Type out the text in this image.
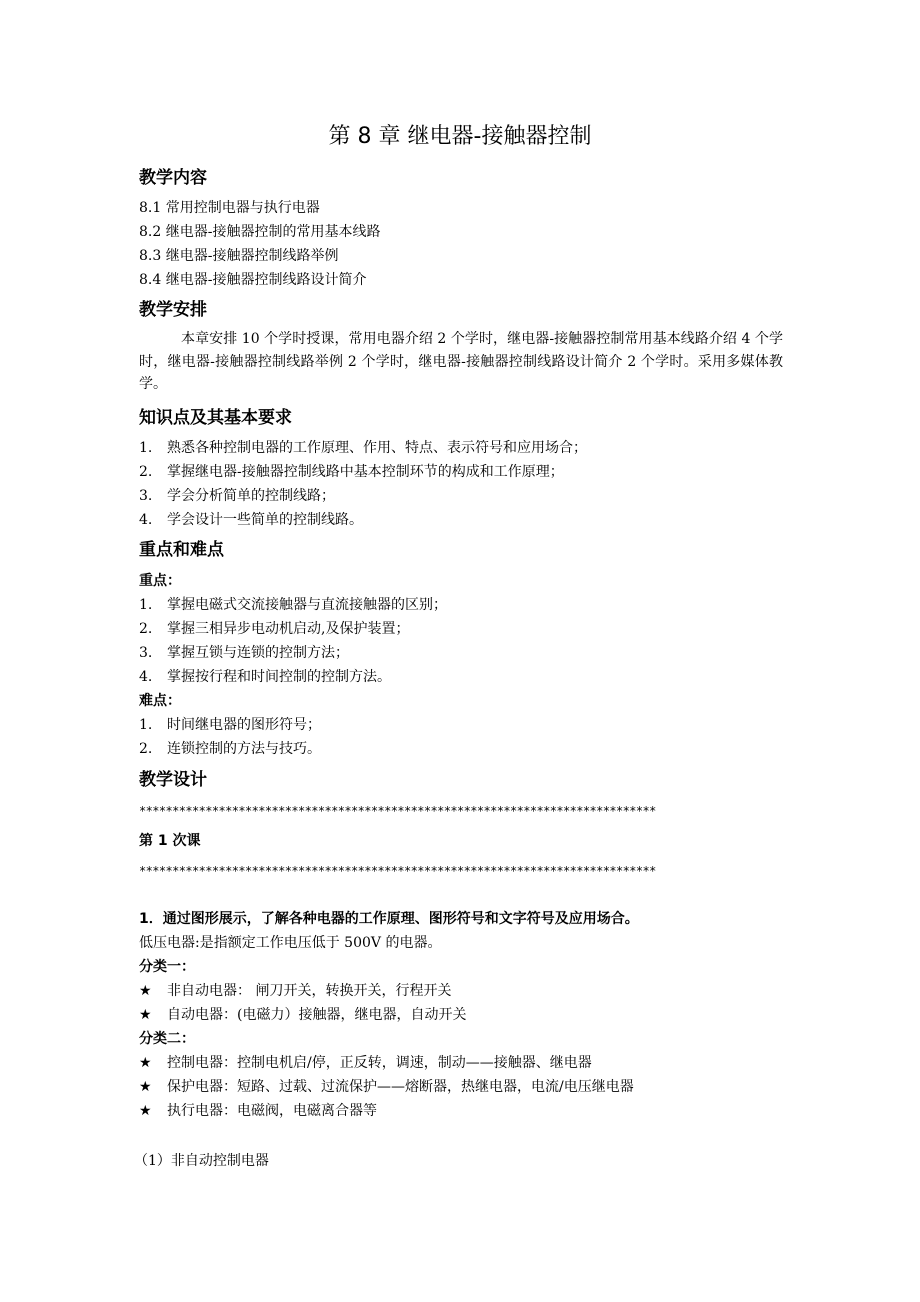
第 8 章 继电器-接触器控制
教学内容
8.1 常用控制电器与执行电器
8.2 继电器-接触器控制的常用基本线路
8.3 继电器-接触器控制线路举例
8.4 继电器-接触器控制线路设计简介
教学安排
本章安排 10 个学时授课，常用电器介绍 2 个学时，继电器-接触器控制常用基本线路介绍 4 个学时，继电器-接触器控制线路举例 2 个学时，继电器-接触器控制线路设计简介 2 个学时。采用多媒体教学。
知识点及其基本要求
1. 熟悉各种控制电器的工作原理、作用、特点、表示符号和应用场合；
2. 掌握继电器-接触器控制线路中基本控制环节的构成和工作原理；
3. 学会分析简单的控制线路；
4. 学会设计一些简单的控制线路。
重点和难点
重点：
1. 掌握电磁式交流接触器与直流接触器的区别；
2. 掌握三相异步电动机启动,及保护装置；
3. 掌握互锁与连锁的控制方法；
4. 掌握按行程和时间控制的控制方法。
难点：
1. 时间继电器的图形符号；
2. 连锁控制的方法与技巧。
教学设计
******************************************************************************
第 1 次课
******************************************************************************
1．通过图形展示，了解各种电器的工作原理、图形符号和文字符号及应用场合。
低压电器:是指额定工作电压低于 500V 的电器。
分类一：
★ 非自动电器： 闸刀开关，转换开关，行程开关
★ 自动电器：(电磁力）接触器，继电器，自动开关
分类二：
★ 控制电器：控制电机启/停，正反转，调速，制动——接触器、继电器
★ 保护电器：短路、过载、过流保护——熔断器，热继电器，电流/电压继电器
★ 执行电器：电磁阀，电磁离合器等
（1）非自动控制电器
